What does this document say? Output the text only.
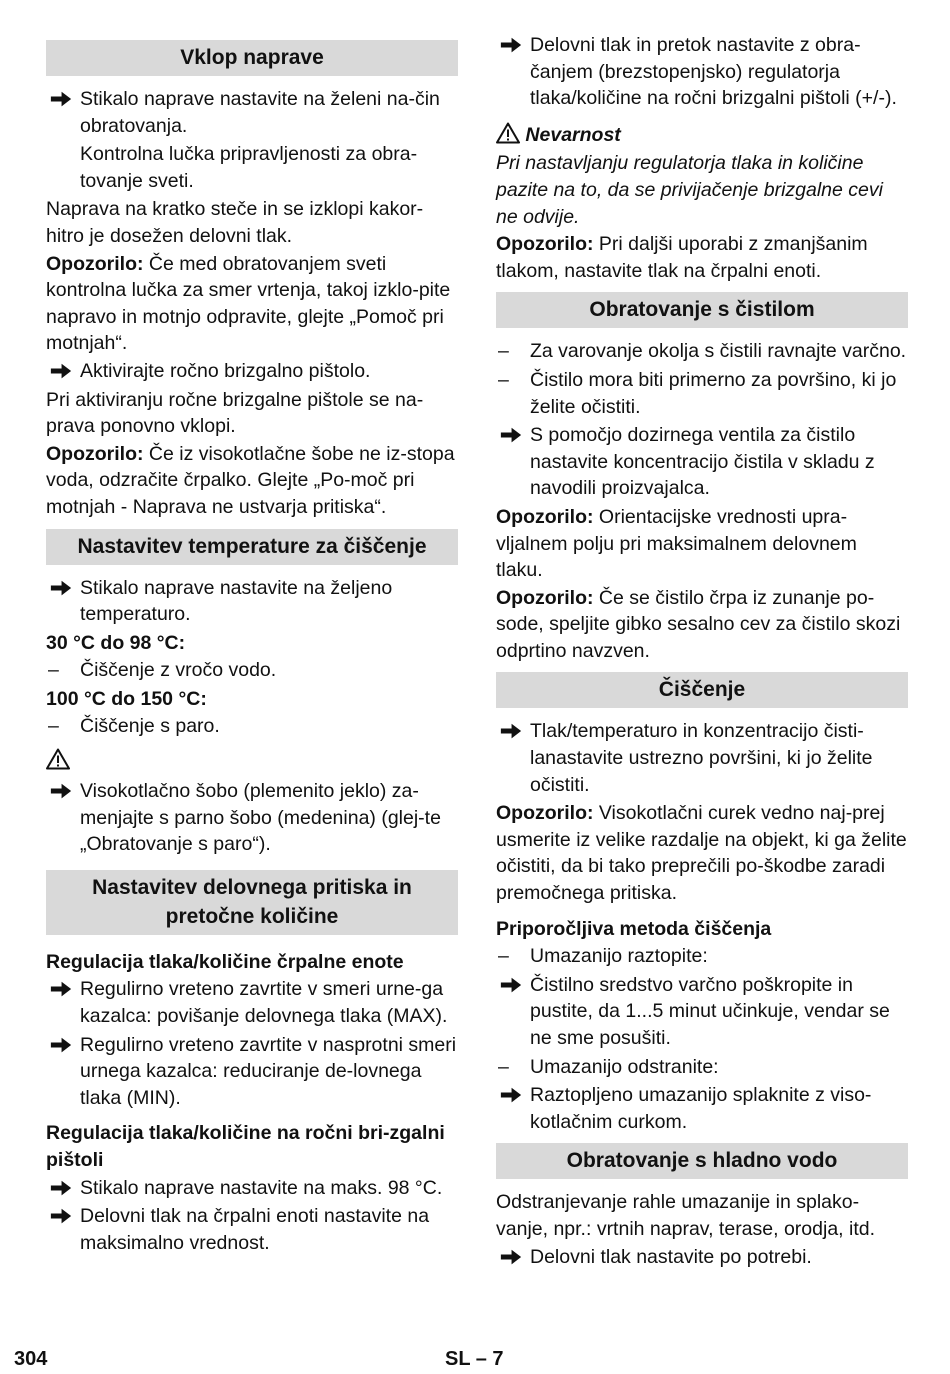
Vklop naprave
Stikalo naprave nastavite na želeni na-čin obratovanja.
Kontrolna lučka pripravljenosti za obra-tovanje sveti.
Naprava na kratko steče in se izklopi kakor-hitro je dosežen delovni tlak.
Opozorilo: Če med obratovanjem sveti kontrolna lučka za smer vrtenja, takoj izklo-pite napravo in motnjo odpravite, glejte „Pomoč pri motnjah“.
Aktivirajte ročno brizgalno pištolo.
Pri aktiviranju ročne brizgalne pištole se na-prava ponovno vklopi.
Opozorilo: Če iz visokotlačne šobe ne iz-stopa voda, odzračite črpalko. Glejte „Po-moč pri motnjah - Naprava ne ustvarja pritiska“.
Nastavitev temperature za čiščenje
Stikalo naprave nastavite na željeno temperaturo.
30 °C do 98 °C:
–	Čiščenje z vročo vodo.
100 °C do 150 °C:
–	Čiščenje s paro.
Visokotlačno šobo (plemenito jeklo) za-menjajte s parno šobo (medenina) (glej-te „Obratovanje s paro“).
Nastavitev delovnega pritiska in pretočne količine
Regulacija tlaka/količine črpalne enote
Regulirno vreteno zavrtite v smeri urne-ga kazalca: povišanje delovnega tlaka (MAX).
Regulirno vreteno zavrtite v nasprotni smeri urnega kazalca: reduciranje de-lovnega tlaka (MIN).
Regulacija tlaka/količine na ročni bri-zgalni pištoli
Stikalo naprave nastavite na maks. 98 °C.
Delovni tlak na črpalni enoti nastavite na maksimalno vrednost.
Delovni tlak in pretok nastavite z obra-čanjem (brezstopenjsko) regulatorja tlaka/količine na ročni brizgalni pištoli (+/-).
Nevarnost
Pri nastavljanju regulatorja tlaka in količine pazite na to, da se privijačenje brizgalne cevi ne odvije.
Opozorilo: Pri daljši uporabi z zmanjšanim tlakom, nastavite tlak na črpalni enoti.
Obratovanje s čistilom
–	Za varovanje okolja s čistili ravnajte varčno.
–	Čistilo mora biti primerno za površino, ki jo želite očistiti.
S pomočjo dozirnega ventila za čistilo nastavite koncentracijo čistila v skladu z navodili proizvajalca.
Opozorilo: Orientacijske vrednosti upra-vljalnem polju pri maksimalnem delovnem tlaku.
Opozorilo: Če se čistilo črpa iz zunanje po-sode, speljite gibko sesalno cev za čistilo skozi odprtino navzven.
Čiščenje
Tlak/temperaturo in konzentracijo čisti-lanastavite ustrezno površini, ki jo želite očistiti.
Opozorilo: Visokotlačni curek vedno naj-prej usmerite iz velike razdalje na objekt, ki ga želite očistiti, da bi tako preprečili po-škodbe zaradi premočnega pritiska.
Priporočljiva metoda čiščenja
–	Umazanijo raztopite:
Čistilno sredstvo varčno poškropite in pustite, da 1...5 minut učinkuje, vendar se ne sme posušiti.
–	Umazanijo odstranite:
Raztopljeno umazanijo splaknite z viso-kotlačnim curkom.
Obratovanje s hladno vodo
Odstranjevanje rahle umazanije in splako-vanje, npr.: vrtnih naprav, terase, orodja, itd.
Delovni tlak nastavite po potrebi.
304	SL – 7
